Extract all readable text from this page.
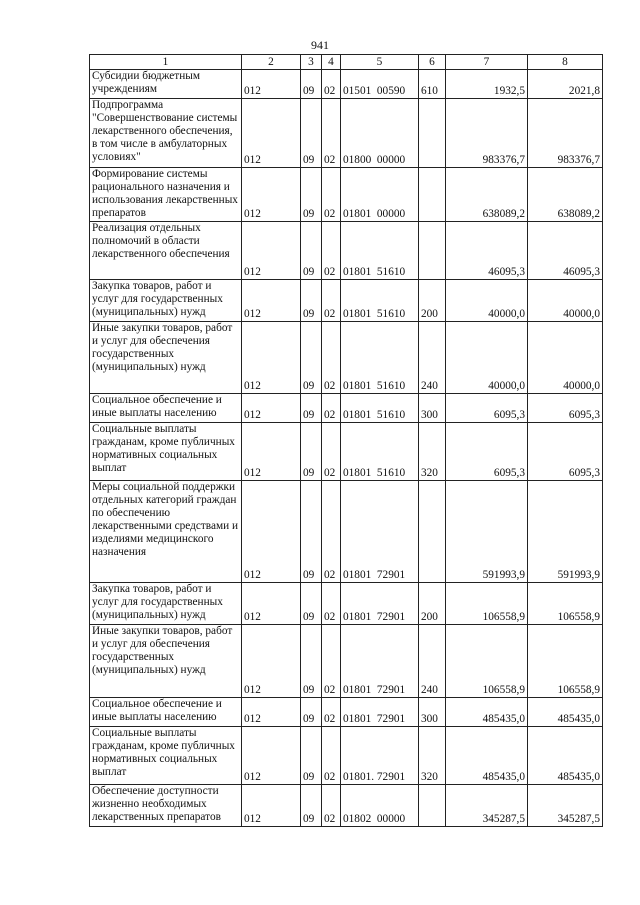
941
1	2	3	4	5	6	7	8
Субсидии бюджетным учреждениям	012	09	02	01501  00590	610	1932,5	2021,8
Подпрограмма "Совершенствование системы лекарственного обеспечения, в том числе в амбулаторных условиях"	012	09	02	01800  00000		983376,7	983376,7
Формирование системы рационального назначения и использования лекарственных препаратов	012	09	02	01801  00000		638089,2	638089,2
Реализация отдельных полномочий в области лекарственного обеспечения	012	09	02	01801  51610		46095,3	46095,3
Закупка товаров, работ и услуг для государственных (муниципальных) нужд	012	09	02	01801  51610	200	40000,0	40000,0
Иные закупки товаров, работ и услуг для обеспечения государственных (муниципальных) нужд	012	09	02	01801  51610	240	40000,0	40000,0
Социальное обеспечение и иные выплаты населению	012	09	02	01801  51610	300	6095,3	6095,3
Социальные выплаты гражданам, кроме публичных нормативных социальных выплат	012	09	02	01801  51610	320	6095,3	6095,3
Меры социальной поддержки отдельных категорий граждан по обеспечению лекарственными средствами и изделиями медицинского назначения	012	09	02	01801  72901		591993,9	591993,9
Закупка товаров, работ и услуг для государственных (муниципальных) нужд	012	09	02	01801  72901	200	106558,9	106558,9
Иные закупки товаров, работ и услуг для обеспечения государственных (муниципальных) нужд	012	09	02	01801  72901	240	106558,9	106558,9
Социальное обеспечение и иные выплаты населению	012	09	02	01801  72901	300	485435,0	485435,0
Социальные выплаты гражданам, кроме публичных нормативных социальных выплат	012	09	02	01801. 72901	320	485435,0	485435,0
Обеспечение доступности жизненно необходимых лекарственных препаратов	012	09	02	01802  00000		345287,5	345287,5
